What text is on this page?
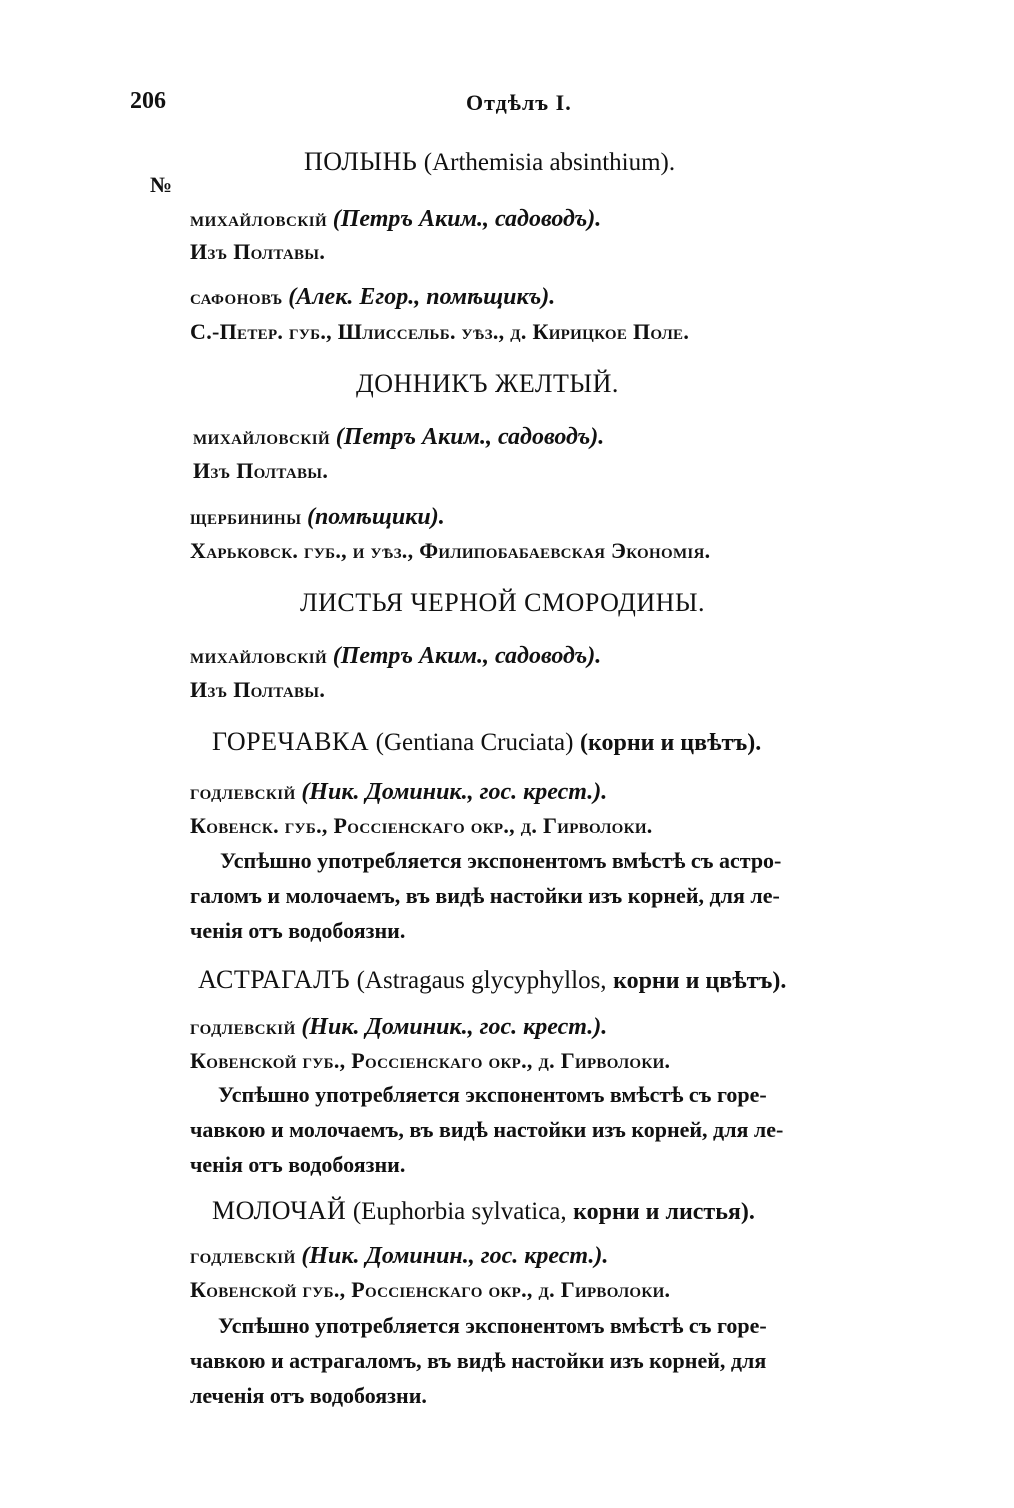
206	Отдѣлъ I.
№
ПОЛЫНЬ (Arthemisia absinthium).
михайловскій (Петръ Аким., садоводъ).
Изъ Полтавы.
сафоновъ (Алек. Егор., помѣщикъ).
С.-Петер. губ., Шлиссельб. уѣз., д. Кирицкое Поле.
ДОННИКЪ ЖЕЛТЫЙ.
михайловскій (Петръ Аким., садоводъ).
Изъ Полтавы.
щербинины (помѣщики).
Харьковск. губ., и уѣз., Филипобабаевская Экономія.
ЛИСТЬЯ ЧЕРНОЙ СМОРОДИНЫ.
михайловскій (Петръ Аким., садоводъ).
Изъ Полтавы.
ГОРЕЧАВКА (Gentiana Cruciata) (корни и цвѣтъ).
годлевскій (Ник. Доминик., гос. крест.).
Ковенск. губ., Россіенскаго окр., д. Гирволоки.
Успѣшно употребляется экспонентомъ вмѣстѣ съ астро-
галомъ и молочаемъ, въ видѣ настойки изъ корней, для ле-
ченія отъ водобоязни.
АСТРАГАЛЪ (Astragaus glycyphyllos, корни и цвѣтъ).
годлевскій (Ник. Доминик., гос. крест.).
Ковенской губ., Россіенскаго окр., д. Гирволоки.
Успѣшно употребляется экспонентомъ вмѣстѣ съ горе-
чавкою и молочаемъ, въ видѣ настойки изъ корней, для ле-
ченія отъ водобоязни.
МОЛОЧАЙ (Euphorbia sylvatica, корни и листья).
годлевскій (Ник. Доминин., гос. крест.).
Ковенской губ., Россіенскаго окр., д. Гирволоки.
Успѣшно употребляется экспонентомъ вмѣстѣ съ горе-
чавкою и астрагаломъ, въ видѣ настойки изъ корней, для
леченія отъ водобоязни.
